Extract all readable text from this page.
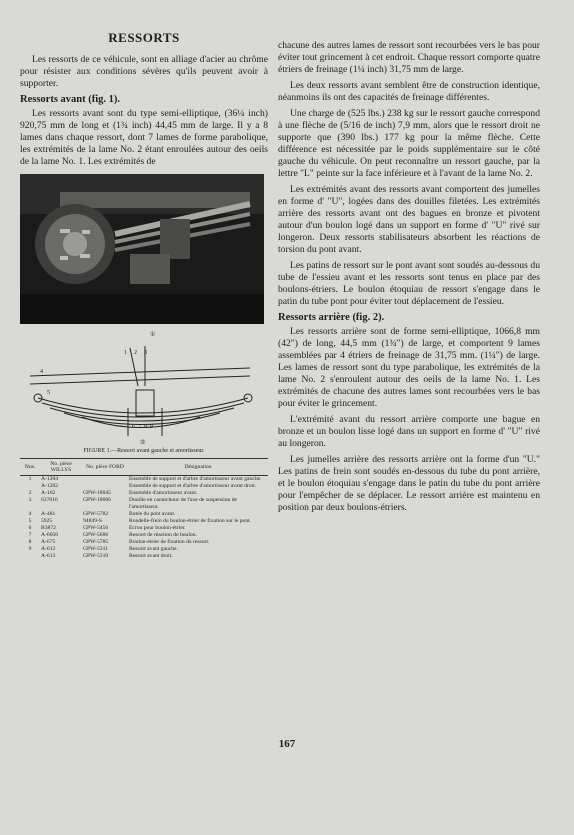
RESSORTS

Les ressorts de ce véhicule, sont en alliage d'acier au chrôme pour résister aux conditions sévères qu'ils peuvent avoir à supporter.

Ressorts avant (fig. 1).

Les ressorts avant sont du type semi-elliptique, (36¼ inch) 920,75 mm de long et (1¾ inch) 44,45 mm de large. Il y a 8 lames dans chaque ressort, dont 7 lames de forme parabolique, les extrémités de la lame No. 2 étant enroulées autour des oeils de la lame No. 1. Les extrémités de

①
1 2 3
4
5
6 7 8 9
②
FIGURE 1.—Ressort avant gauche et amortisseur.
Nos.	No. pièce WILLYS	No. pièce FORD	Désignation
1	A-1204		Ensemble de support et d'arbre d'amortisseur avant gauche.
	A-1202		Ensemble de support et d'arbre d'amortisseur avant droit.
2	A-162	GPW-18045	Ensemble d'amortisseur avant.
3	637016	GPW-18066	Douille en caoutchouc de l'axe de suspension de l'amortisseur.
4	A-481	GPW-5782	Butée du pont avant.
5	5925	94849-S	Rondelle-frein du boulon-étrier de fixation sur le pont.
6	B3872	GPW-5456	Ecrou pour boulon-étrier.
7	A-6056	GPW-5686	Ressort de réaction de boulon.
8	A-675	GPW-5785	Boulon-étrier de fixation du ressort.
9	A-612	GPW-5311	Ressort avant gauche.
	A-613	GPW-5310	Ressort avant droit.

chacune des autres lames de ressort sont recourbées vers le bas pour éviter tout grincement à cet endroit. Chaque ressort comporte quatre étriers de freinage (1¼ inch) 31,75 mm de large.

Les deux ressorts avant semblent être de construction identique, néanmoins ils ont des capacités de freinage différentes.

Une charge de (525 lbs.) 238 kg sur le ressort gauche correspond à une flèche de (5/16 de inch) 7,9 mm, alors que le ressort droit ne supporte que (390 lbs.) 177 kg pour la même flèche. Cette différence est nécessitée par le poids supplémentaire sur le côté gauche du véhicule. On peut reconnaître un ressort gauche, par la lettre "L" peinte sur la face inférieure et à l'avant de la lame No. 2.

Les extrémités avant des ressorts avant comportent des jumelles en forme d' "U", logées dans des douilles filetées. Les extrémités arrière des ressorts avant ont des bagues en bronze et pivotent autour d'un boulon logé dans un support en forme d' "U" rivé sur longeron. Deux ressorts stabilisateurs absorbent les réactions de torsion du pont avant.

Les patins de ressort sur le pont avant sont soudés au-dessous du tube de l'essieu avant et les ressorts sont tenus en place par des boulons-étriers. Le boulon étoquiau de ressort s'engage dans le patin du tube pont pour éviter tout déplacement de l'essieu.

Ressorts arrière (fig. 2).

Les ressorts arrière sont de forme semi-elliptique, 1066,8 mm (42") de long, 44,5 mm (1¾") de large, et comportent 9 lames assemblées par 4 étriers de freinage de 31,75 mm. (1¼") de large. Les lames de ressort sont du type parabolique, les extrémités de la lame No. 2 s'enroulent autour des oeils de la lame No. 1. Les extrémités de chacune des autres lames sont recourbées vers le bas pour éviter le grincement.

L'extrémité avant du ressort arrière comporte une bague en bronze et un boulon lisse logé dans un support en forme d' "U" rivé au longeron.

Les jumelles arrière des ressorts arrière ont la forme d'un "U." Les patins de frein sont soudés en-dessous du tube du pont arrière, et le boulon étoquiau s'engage dans le patin du tube du pont arrière pour l'empêcher de se déplacer. Le ressort arrière est maintenu en position par deux boulons-étriers.

167
